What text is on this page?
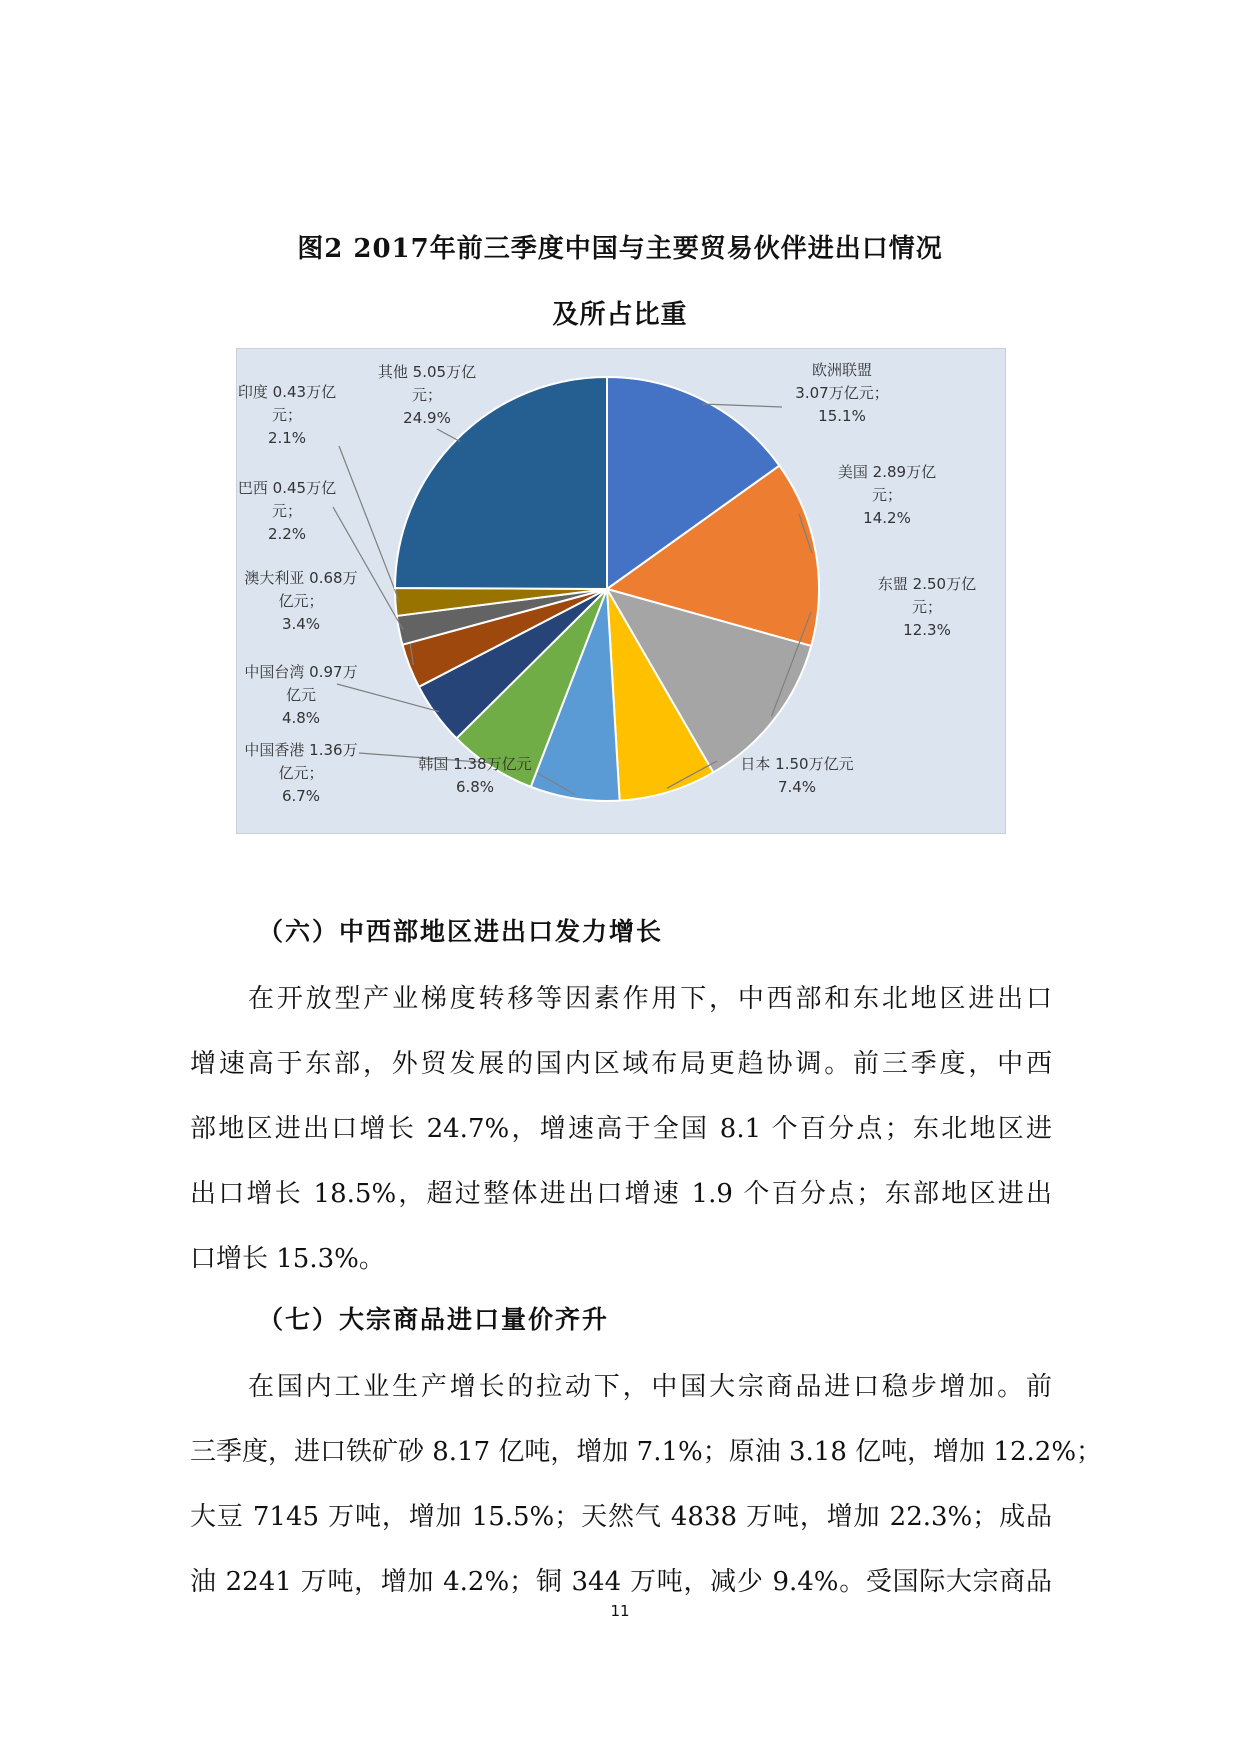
图2 2017年前三季度中国与主要贸易伙伴进出口情况
及所占比重
欧洲联盟 3.07万亿元； 15.1%
美国 2.89万亿元； 14.2%
东盟 2.50万亿元； 12.3%
日本 1.50万亿元 7.4%
韩国 1.38万亿元 6.8%
中国香港 1.36万亿元； 6.7%
中国台湾 0.97万亿元 4.8%
澳大利亚 0.68万亿元； 3.4%
巴西 0.45万亿元； 2.2%
印度 0.43万亿元； 2.1%
其他 5.05万亿元； 24.9%
（六）中西部地区进出口发力增长
在开放型产业梯度转移等因素作用下，中西部和东北地区进出口
增速高于东部，外贸发展的国内区域布局更趋协调。前三季度，中西
部地区进出口增长 24.7%，增速高于全国 8.1 个百分点；东北地区进
出口增长 18.5%，超过整体进出口增速 1.9 个百分点；东部地区进出
口增长 15.3%。
（七）大宗商品进口量价齐升
在国内工业生产增长的拉动下，中国大宗商品进口稳步增加。前
三季度，进口铁矿砂 8.17 亿吨，增加 7.1%；原油 3.18 亿吨，增加 12.2%；
大豆 7145 万吨，增加 15.5%；天然气 4838 万吨，增加 22.3%；成品
油 2241 万吨，增加 4.2%；铜 344 万吨，减少 9.4%。受国际大宗商品
11
